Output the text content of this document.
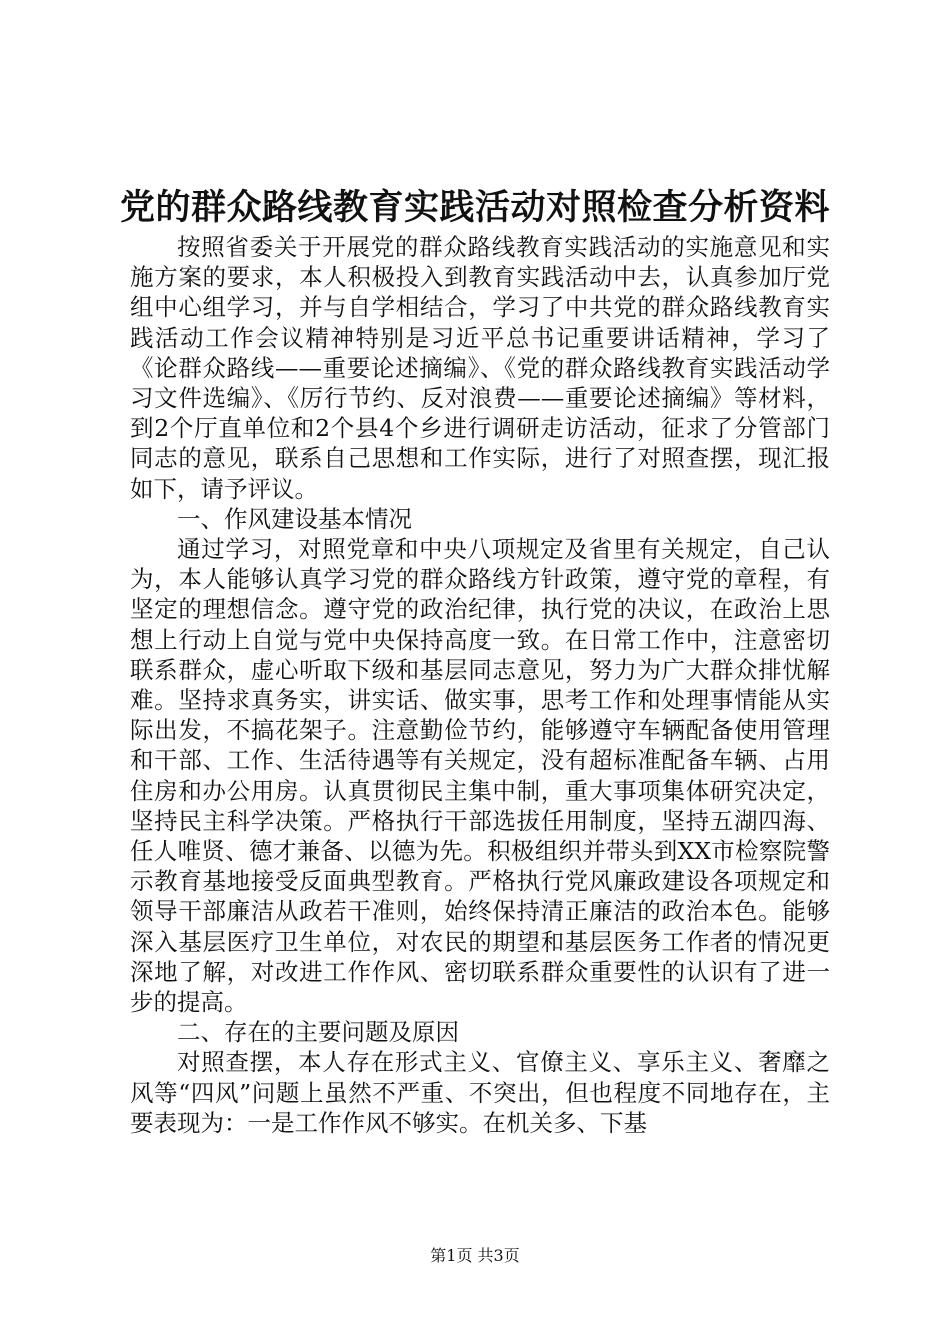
党的群众路线教育实践活动对照检查分析资料

按照省委关于开展党的群众路线教育实践活动的实施意见和实施方案的要求，本人积极投入到教育实践活动中去，认真参加厅党组中心组学习，并与自学相结合，学习了中共党的群众路线教育实践活动工作会议精神特别是习近平总书记重要讲话精神，学习了《论群众路线——重要论述摘编》、《党的群众路线教育实践活动学习文件选编》、《厉行节约、反对浪费——重要论述摘编》等材料，到2个厅直单位和2个县4个乡进行调研走访活动，征求了分管部门同志的意见，联系自己思想和工作实际，进行了对照查摆，现汇报如下，请予评议。

一、作风建设基本情况

通过学习，对照党章和中央八项规定及省里有关规定，自己认为，本人能够认真学习党的群众路线方针政策，遵守党的章程，有坚定的理想信念。遵守党的政治纪律，执行党的决议，在政治上思想上行动上自觉与党中央保持高度一致。在日常工作中，注意密切联系群众，虚心听取下级和基层同志意见，努力为广大群众排忧解难。坚持求真务实，讲实话、做实事，思考工作和处理事情能从实际出发，不搞花架子。注意勤俭节约，能够遵守车辆配备使用管理和干部、工作、生活待遇等有关规定，没有超标准配备车辆、占用住房和办公用房。认真贯彻民主集中制，重大事项集体研究决定，坚持民主科学决策。严格执行干部选拔任用制度，坚持五湖四海、任人唯贤、德才兼备、以德为先。积极组织并带头到XX市检察院警示教育基地接受反面典型教育。严格执行党风廉政建设各项规定和领导干部廉洁从政若干准则，始终保持清正廉洁的政治本色。能够深入基层医疗卫生单位，对农民的期望和基层医务工作者的情况更深地了解，对改进工作作风、密切联系群众重要性的认识有了进一步的提高。

二、存在的主要问题及原因

对照查摆，本人存在形式主义、官僚主义、享乐主义、奢靡之风等“四风”问题上虽然不严重、不突出，但也程度不同地存在，主要表现为：一是工作作风不够实。在机关多、下基

第1页 共3页
